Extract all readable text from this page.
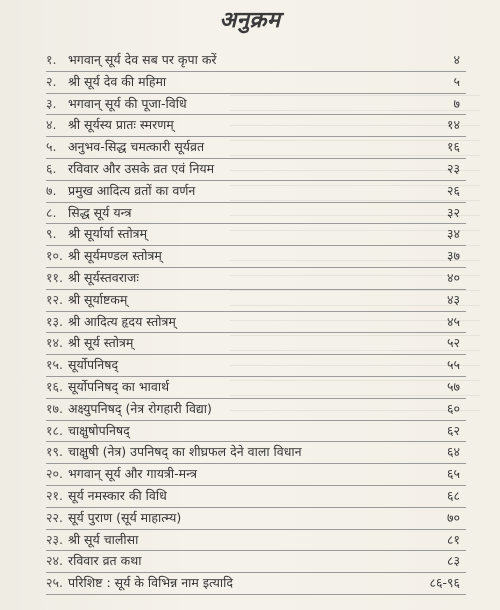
अनुक्रम
१. भगवान् सूर्य देव सब पर कृपा करें	४
२. श्री सूर्य देव की महिमा	५
३. भगवान् सूर्य की पूजा-विधि	७
४. श्री सूर्यस्य प्रातः स्मरणम्	१४
५. अनुभव-सिद्ध चमत्कारी सूर्यव्रत	१६
६. रविवार और उसके व्रत एवं नियम	२३
७. प्रमुख आदित्य व्रतों का वर्णन	२६
८. सिद्ध सूर्य यन्त्र	३२
९. श्री सूर्यार्या स्तोत्रम्	३४
१०. श्री सूर्यमण्डल स्तोत्रम्	३७
११. श्री सूर्यस्तवराजः	४०
१२. श्री सूर्याष्टकम्	४३
१३. श्री आदित्य हृदय स्तोत्रम्	४५
१४. श्री सूर्य स्तोत्रम्	५२
१५. सूर्योपनिषद्	५५
१६. सूर्योपनिषद् का भावार्थ	५७
१७. अक्ष्युपनिषद् (नेत्र रोगहारी विद्या)	६०
१८. चाक्षुषोपनिषद्	६२
१९. चाक्षुषी (नेत्र) उपनिषद् का शीघ्रफल देने वाला विधान	६४
२०. भगवान् सूर्य और गायत्री-मन्त्र	६५
२१. सूर्य नमस्कार की विधि	६८
२२. सूर्य पुराण (सूर्य माहात्म्य)	७०
२३. श्री सूर्य चालीसा	८१
२४. रविवार व्रत कथा	८३
२५. परिशिष्ट : सूर्य के विभिन्न नाम इत्यादि	८६-९६
